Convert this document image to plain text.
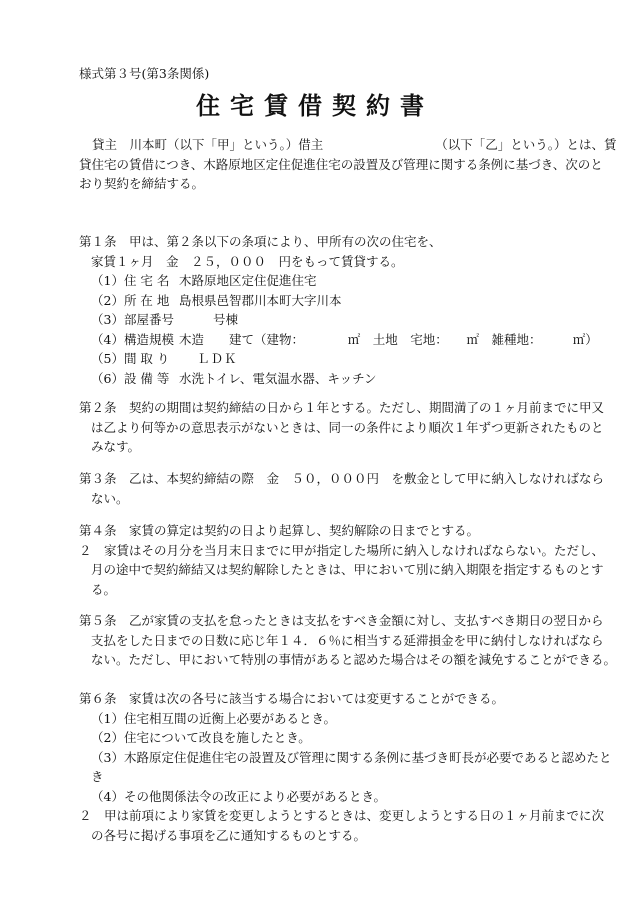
様式第３号(第3条関係)
住宅賃借契約書
貸主　川本町（以下「甲」という。）借主	（以下「乙」という。）とは、賃
貸住宅の賃借につき、木路原地区定住促進住宅の設置及び管理に関する条例に基づき、次のと
おり契約を締結する。
第１条　甲は、第２条以下の条項により、甲所有の次の住宅を、
家賃１ヶ月　金　２５，０００　円をもって賃貸する。
（1）住 宅 名 木路原地区定住促進住宅
（2）所 在 地 島根県邑智郡川本町大字川本
（3）部屋番号	号棟
（4）構造規模 木造　　建て（建物：　　　　㎡　土地　宅地：　　㎡　雑種地：　　　㎡）
（5）間 取 り ＬＤＫ
（6）設 備 等 水洗トイレ、電気温水器、キッチン
第２条　契約の期間は契約締結の日から１年とする。ただし、期間満了の１ヶ月前までに甲又
は乙より何等かの意思表示がないときは、同一の条件により順次１年ずつ更新されたものと
みなす。
第３条　乙は、本契約締結の際　金　５０，０００円　を敷金として甲に納入しなければなら
ない。
第４条　家賃の算定は契約の日より起算し、契約解除の日までとする。
２　家賃はその月分を当月末日までに甲が指定した場所に納入しなければならない。ただし、
月の途中で契約締結又は契約解除したときは、甲において別に納入期限を指定するものとす
る。
第５条　乙が家賃の支払を怠ったときは支払をすべき金額に対し、支払すべき期日の翌日から
支払をした日までの日数に応じ年１４．６％に相当する延滞損金を甲に納付しなければなら
ない。ただし、甲において特別の事情があると認めた場合はその額を減免することができる。
第６条　家賃は次の各号に該当する場合においては変更することができる。
（1）住宅相互間の近衡上必要があるとき。
（2）住宅について改良を施したとき。
（3）木路原定住促進住宅の設置及び管理に関する条例に基づき町長が必要であると認めたと
き
（4）その他関係法令の改正により必要があるとき。
２　甲は前項により家賃を変更しようとするときは、変更しようとする日の１ヶ月前までに次
の各号に掲げる事項を乙に通知するものとする。
